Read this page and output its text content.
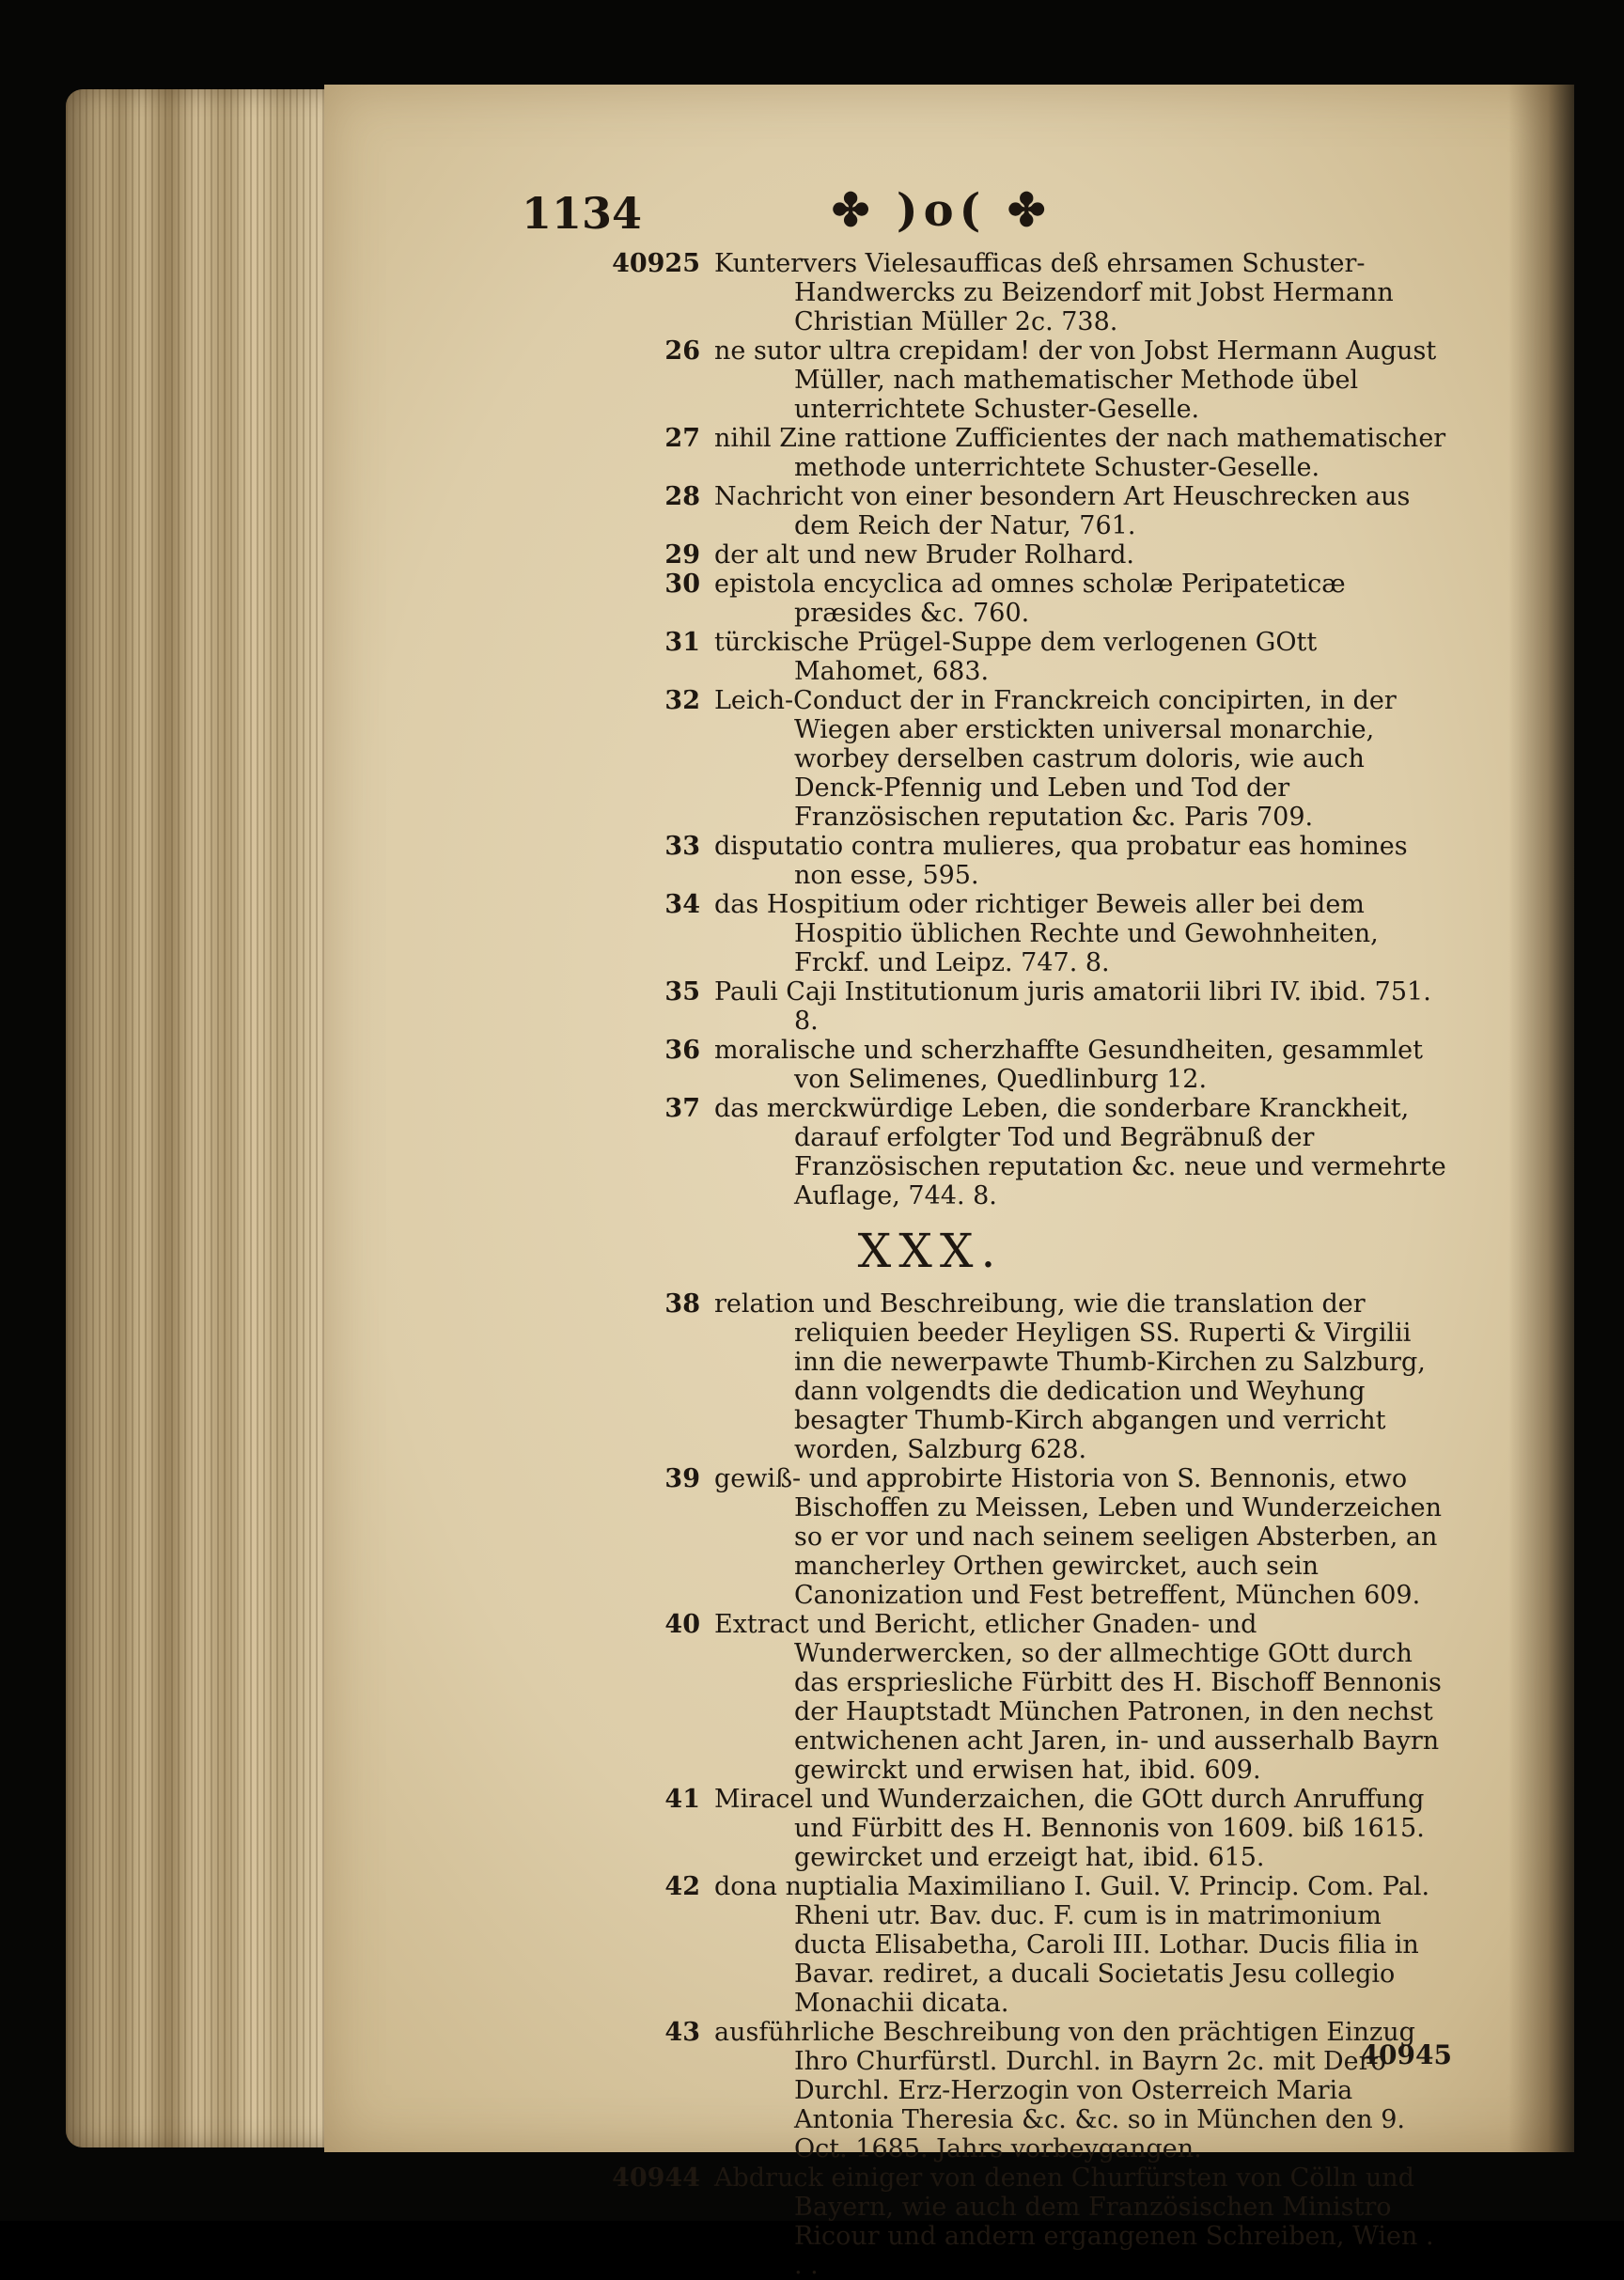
1134	✤ )o( ✤
40925 Kuntervers Vielesaufficas deß ehrsamen Schuster-Handwercks zu Beizendorf mit Jobst Hermann Christian Müller 2c. 738.
26 ne sutor ultra crepidam! der von Jobst Hermann August Müller, nach mathematischer Methode übel unterrichtete Schuster-Geselle.
27 nihil Zine rattione Zufficientes der nach mathematischer methode unterrichtete Schuster-Geselle.
28 Nachricht von einer besondern Art Heuschrecken aus dem Reich der Natur, 761.
29 der alt und new Bruder Rolhard.
30 epistola encyclica ad omnes scholæ Peripateticæ præsides &c. 760.
31 türckische Prügel-Suppe dem verlogenen GOtt Mahomet, 683.
32 Leich-Conduct der in Franckreich concipirten, in der Wiegen aber erstickten universal monarchie, worbey derselben castrum doloris, wie auch Denck-Pfennig und Leben und Tod der Französischen reputation &c. Paris 709.
33 disputatio contra mulieres, qua probatur eas homines non esse, 595.
34 das Hospitium oder richtiger Beweis aller bei dem Hospitio üblichen Rechte und Gewohnheiten, Frckf. und Leipz. 747. 8.
35 Pauli Caji Institutionum juris amatorii libri IV. ibid. 751. 8.
36 moralische und scherzhaffte Gesundheiten, gesammlet von Selimenes, Quedlinburg 12.
37 das merckwürdige Leben, die sonderbare Kranckheit, darauf erfolgter Tod und Begräbnuß der Französischen reputation &c. neue und vermehrte Auflage, 744. 8.
XXX.
38 relation und Beschreibung, wie die translation der reliquien beeder Heyligen SS. Ruperti & Virgilii inn die newerpawte Thumb-Kirchen zu Salzburg, dann volgendts die dedication und Weyhung besagter Thumb-Kirch abgangen und verricht worden, Salzburg 628.
39 gewiß- und approbirte Historia von S. Bennonis, etwo Bischoffen zu Meissen, Leben und Wunderzeichen so er vor und nach seinem seeligen Absterben, an mancherley Orthen gewircket, auch sein Canonization und Fest betreffent, München 609.
40 Extract und Bericht, etlicher Gnaden- und Wunderwercken, so der allmechtige GOtt durch das erspriesliche Fürbitt des H. Bischoff Bennonis der Hauptstadt München Patronen, in den nechst entwichenen acht Jaren, in- und ausserhalb Bayrn gewirckt und erwisen hat, ibid. 609.
41 Miracel und Wunderzaichen, die GOtt durch Anruffung und Fürbitt des H. Bennonis von 1609. biß 1615. gewircket und erzeigt hat, ibid. 615.
42 dona nuptialia Maximiliano I. Guil. V. Princip. Com. Pal. Rheni utr. Bav. duc. F. cum is in matrimonium ducta Elisabetha, Caroli III. Lothar. Ducis filia in Bavar. rediret, a ducali Societatis Jesu collegio Monachii dicata.
43 ausführliche Beschreibung von den prächtigen Einzug Ihro Churfürstl. Durchl. in Bayrn 2c. mit Dero Durchl. Erz-Herzogin von Osterreich Maria Antonia Theresia &c. &c. so in München den 9. Oct. 1685. Jahrs vorbeygangen.
40944 Abdruck einiger von denen Churfürsten von Cölln und Bayern, wie auch dem Französischen Ministro Ricour und andern ergangenen Schreiben, Wien . . .
40945
